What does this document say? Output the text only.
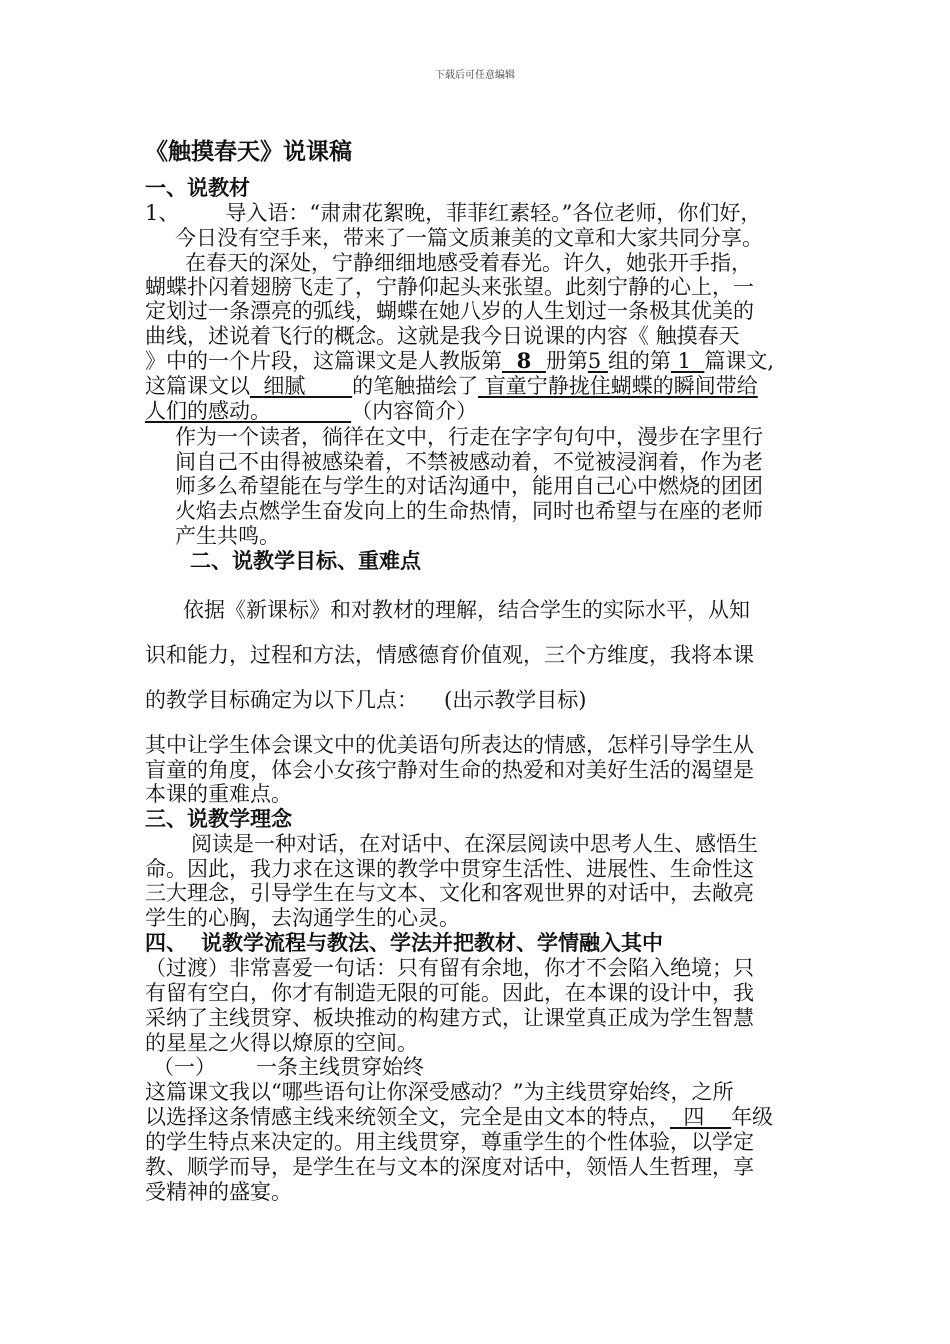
下载后可任意编辑
《触摸春天》说课稿
一、说教材
1、 导入语：“肃肃花絮晚，菲菲红素轻。”各位老师，你们好，
今日没有空手来，带来了一篇文质兼美的文章和大家共同分享。
在春天的深处，宁静细细地感受着春光。许久，她张开手指，
蝴蝶扑闪着翅膀飞走了，宁静仰起头来张望。此刻宁静的心上，一
定划过一条漂亮的弧线，蝴蝶在她八岁的人生划过一条极其优美的
曲线，述说着飞行的概念。这就是我今日说课的内容《 触摸春天
》中的一个片段，这篇课文是人教版第 8 册第5 组的第 1 篇课文,
这篇课文以 细腻 的笔触描绘了 盲童宁静拢住蝴蝶的瞬间带给
人们的感动。	（内容简介）
作为一个读者，徜徉在文中，行走在字字句句中，漫步在字里行
间自己不由得被感染着，不禁被感动着，不觉被浸润着，作为老
师多么希望能在与学生的对话沟通中，能用自己心中燃烧的团团
火焰去点燃学生奋发向上的生命热情，同时也希望与在座的老师
产生共鸣。
二、说教学目标、重难点
依据《新课标》和对教材的理解，结合学生的实际水平，从知
识和能力，过程和方法，情感德育价值观，三个方维度，我将本课
的教学目标确定为以下几点： (出示教学目标)
其中让学生体会课文中的优美语句所表达的情感，怎样引导学生从
盲童的角度，体会小女孩宁静对生命的热爱和对美好生活的渴望是
本课的重难点。
三、说教学理念
阅读是一种对话，在对话中、在深层阅读中思考人生、感悟生
命。因此，我力求在这课的教学中贯穿生活性、进展性、生命性这
三大理念，引导学生在与文本、文化和客观世界的对话中，去敞亮
学生的心胸，去沟通学生的心灵。
四、 说教学流程与教法、学法并把教材、学情融入其中
（过渡）非常喜爱一句话：只有留有余地，你才不会陷入绝境；只
有留有空白，你才有制造无限的可能。因此，在本课的设计中，我
采纳了主线贯穿、板块推动的构建方式，让课堂真正成为学生智慧
的星星之火得以燎原的空间。
（一） 一条主线贯穿始终
这篇课文我以“哪些语句让你深受感动？”为主线贯穿始终，之所
以选择这条情感主线来统领全文，完全是由文本的特点， 四 年级
的学生特点来决定的。用主线贯穿，尊重学生的个性体验，以学定
教、顺学而导，是学生在与文本的深度对话中，领悟人生哲理，享
受精神的盛宴。
